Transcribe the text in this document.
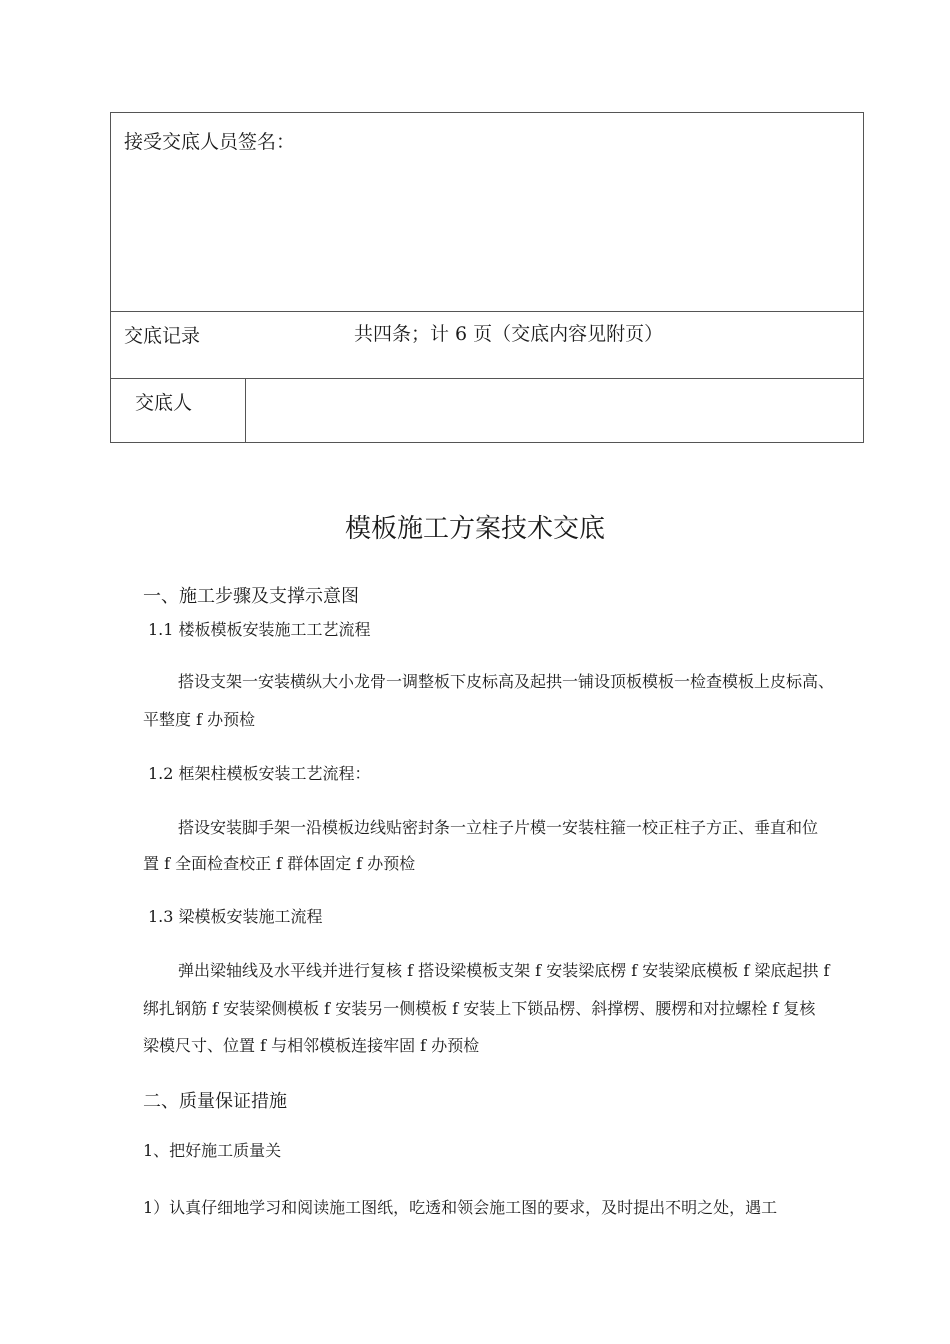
接受交底人员签名：
交底记录	共四条；计 6 页（交底内容见附页）
交底人
模板施工方案技术交底
一、施工步骤及支撑示意图
1.1 楼板模板安装施工工艺流程
搭设支架一安装横纵大小龙骨一调整板下皮标高及起拱一铺设顶板模板一检查模板上皮标高、
平整度 f 办预检
1.2 框架柱模板安装工艺流程：
搭设安装脚手架一沿模板边线贴密封条一立柱子片模一安装柱箍一校正柱子方正、垂直和位
置 f 全面检查校正 f 群体固定 f 办预检
1.3 梁模板安装施工流程
弹出梁轴线及水平线并进行复核 f 搭设梁模板支架 f 安装梁底楞 f 安装梁底模板 f 梁底起拱 f
绑扎钢筋 f 安装梁侧模板 f 安装另一侧模板 f 安装上下锁品楞、斜撑楞、腰楞和对拉螺栓 f 复核
梁模尺寸、位置 f 与相邻模板连接牢固 f 办预检
二、质量保证措施
1、把好施工质量关
1）认真仔细地学习和阅读施工图纸，吃透和领会施工图的要求，及时提出不明之处，遇工
